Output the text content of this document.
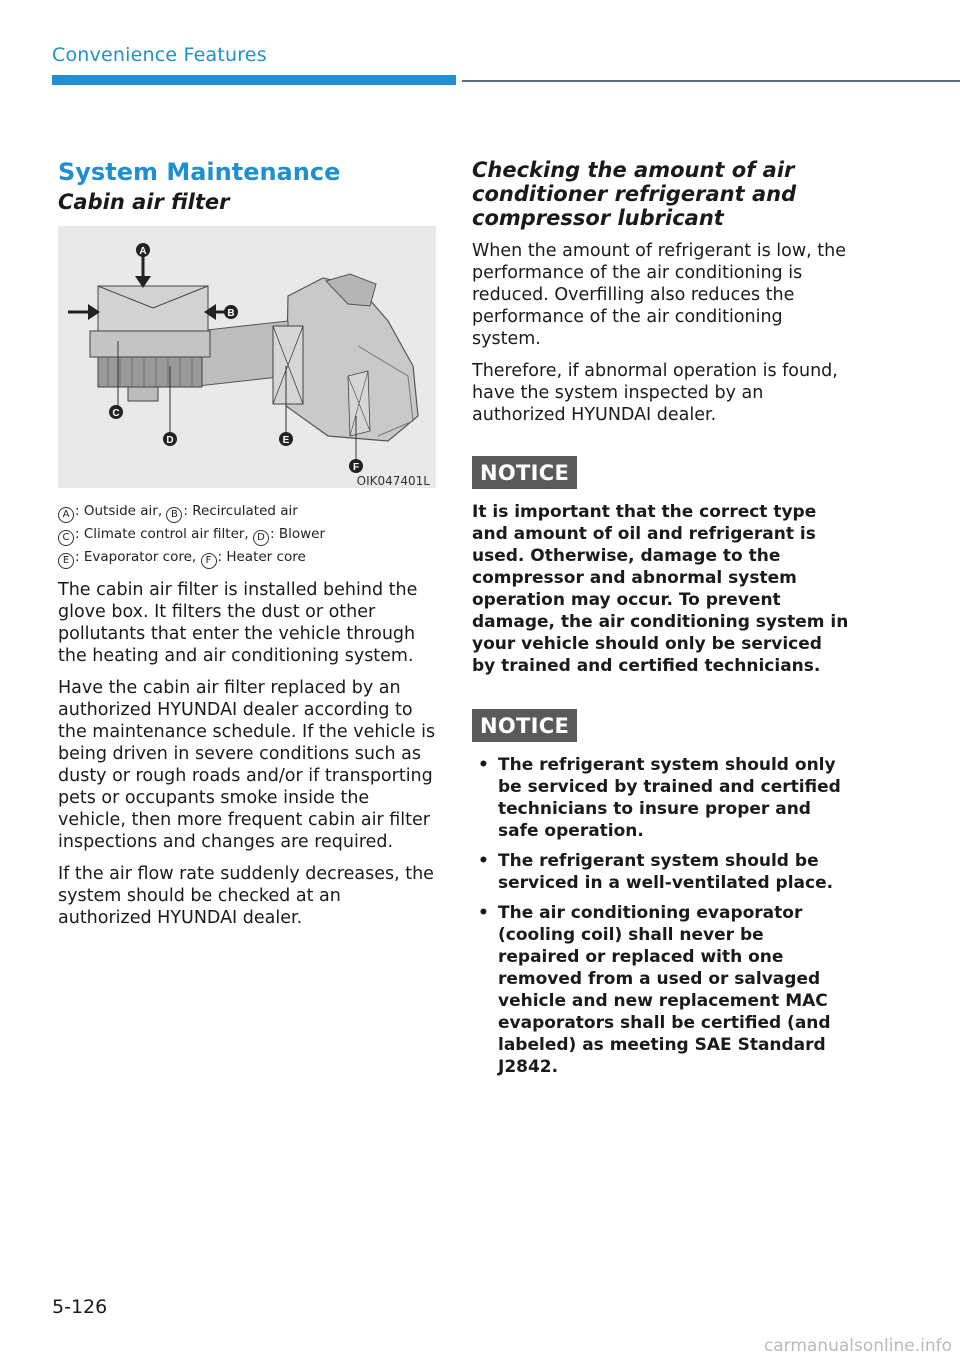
Convenience Features
System Maintenance
Cabin air filter
A
B
C
D	E
F
OIK047401L
A : Outside air, B : Recirculated air
C : Climate control air filter, D : Blower
E : Evaporator core, F : Heater core

The cabin air filter is installed behind the glove box. It filters the dust or other pollutants that enter the vehicle through the heating and air conditioning system.

Have the cabin air filter replaced by an authorized HYUNDAI dealer according to the maintenance schedule. If the vehicle is being driven in severe conditions such as dusty or rough roads and/or if transporting pets or occupants smoke inside the vehicle, then more frequent cabin air filter inspections and changes are required.

If the air flow rate suddenly decreases, the system should be checked at an authorized HYUNDAI dealer.

Checking the amount of air conditioner refrigerant and compressor lubricant

When the amount of refrigerant is low, the performance of the air conditioning is reduced. Overfilling also reduces the performance of the air conditioning system.

Therefore, if abnormal operation is found, have the system inspected by an authorized HYUNDAI dealer.

NOTICE

It is important that the correct type and amount of oil and refrigerant is used. Otherwise, damage to the compressor and abnormal system operation may occur. To prevent damage, the air conditioning system in your vehicle should only be serviced by trained and certified technicians.

NOTICE
• The refrigerant system should only be serviced by trained and certified technicians to insure proper and safe operation.
• The refrigerant system should be serviced in a well-ventilated place.
• The air conditioning evaporator (cooling coil) shall never be repaired or replaced with one removed from a used or salvaged vehicle and new replacement MAC evaporators shall be certified (and labeled) as meeting SAE Standard J2842.
5-126
carmanualsonline.info
